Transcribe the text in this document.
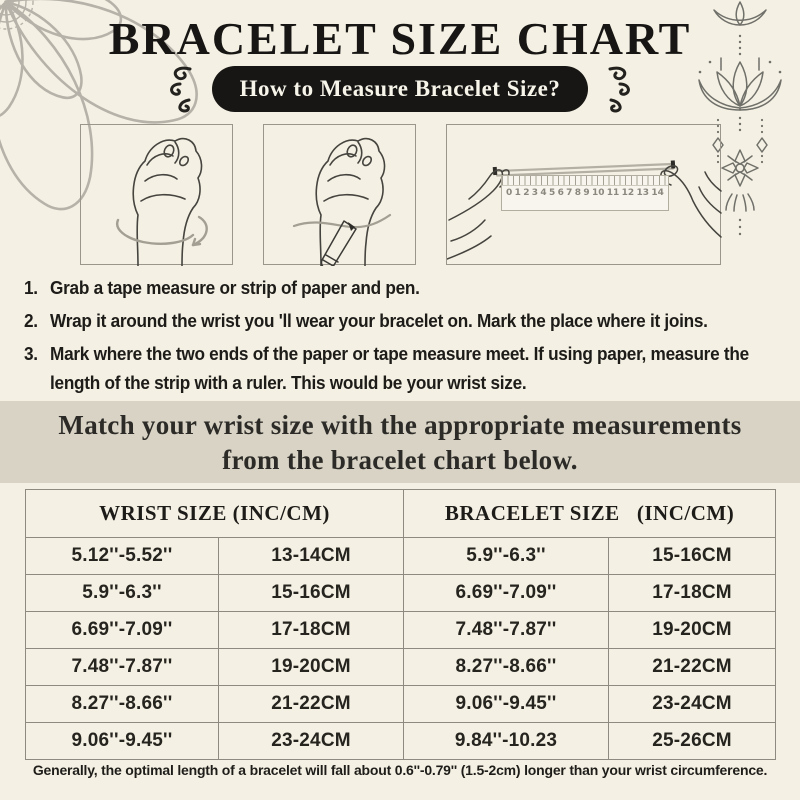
BRACELET SIZE CHART
How to Measure Bracelet Size?
0 1 2 3 4 5 6 7 8 9 10 11 12 13 14
1. Grab a tape measure or strip of paper and pen.
2. Wrap it around the wrist you 'll wear your bracelet on. Mark the place where it joins.
3. Mark where the two ends of the paper or tape measure meet. If using paper, measure the length of the strip with a ruler. This would be your wrist size.
Match your wrist size with the appropriate measurements
from the bracelet chart below.
WRIST SIZE (INC/CM)		BRACELET SIZE   (INC/CM)	
5.12''-5.52''	13-14CM	5.9''-6.3''	15-16CM
5.9''-6.3''	15-16CM	6.69''-7.09''	17-18CM
6.69''-7.09''	17-18CM	7.48''-7.87''	19-20CM
7.48''-7.87''	19-20CM	8.27''-8.66''	21-22CM
8.27''-8.66''	21-22CM	9.06''-9.45''	23-24CM
9.06''-9.45''	23-24CM	9.84''-10.23	25-26CM
Generally, the optimal length of a bracelet will fall about 0.6''-0.79'' (1.5-2cm) longer than your wrist circumference.
